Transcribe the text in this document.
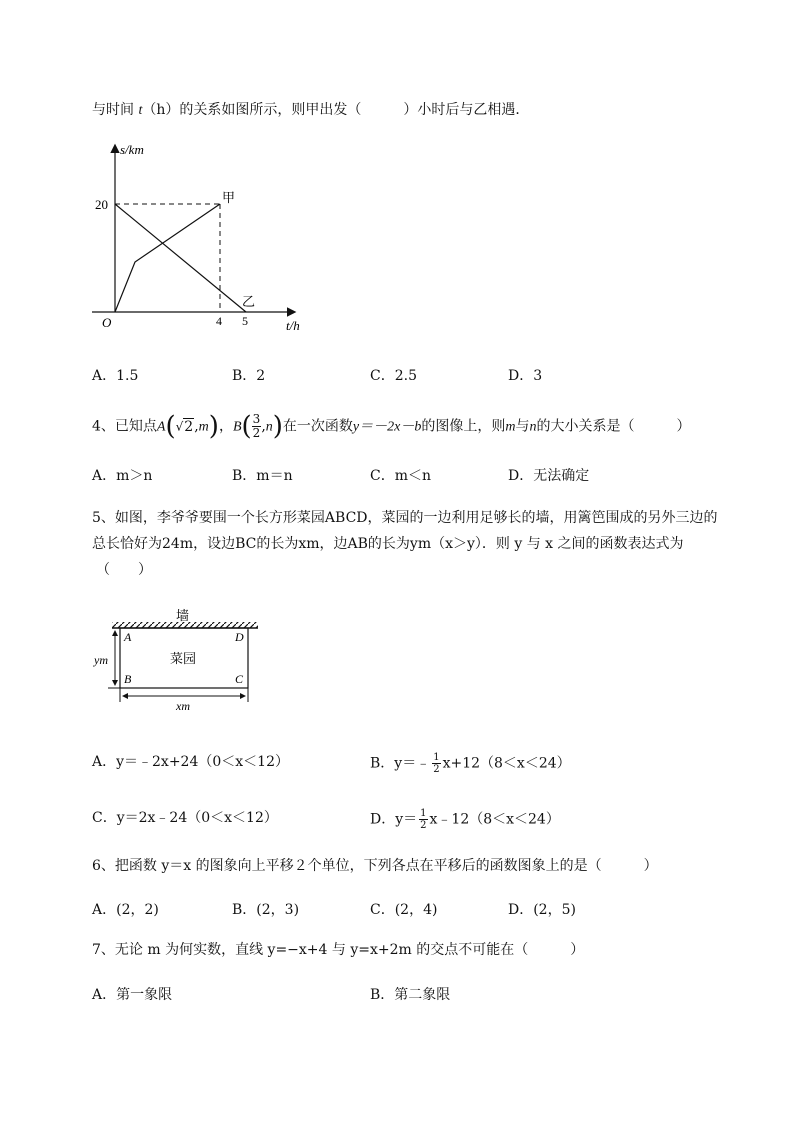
与时间 t（h）的关系如图所示，则甲出发（　　　）小时后与乙相遇．
s/km
20
O	4 5	t/h
甲
乙
A．1.5	B．2	C．2.5	D．3
4、已知点A(√2,m)，$B( \frac{3}{2} ,n)$在一次函数y＝－2x－b的图像上，则m与n的大小关系是（　　　）
A．m＞n	B．m＝n	C．m＜n	D．无法确定
5、如图，李爷爷要围一个长方形菜园ABCD，菜园的一边利用足够长的墙，用篱笆围成的另外三边的
总长恰好为24m，设边BC的长为xm，边AB的长为ym（x＞y）．则 y 与 x 之间的函数表达式为
（　　）
墙
菜园
A	D
B	C
ym
xm
A．y＝﹣2x+24（0＜x＜12）	B．y＝﹣ $\frac{1}{2} x+12(8<x<24)$
C．y＝2x﹣24（0＜x＜12）	D．$y= \frac{1}{2}$ x﹣12（8＜x＜24）
6、把函数 y＝x 的图象向上平移２个单位，下列各点在平移后的函数图象上的是（　　　）
A．(2，2)	B．(2，3)	C．(2，4)	D．(2，5)
7、无论 m 为何实数，直线 y=−x+4 与 y=x+2m 的交点不可能在（　　　）
A．第一象限	B．第二象限
